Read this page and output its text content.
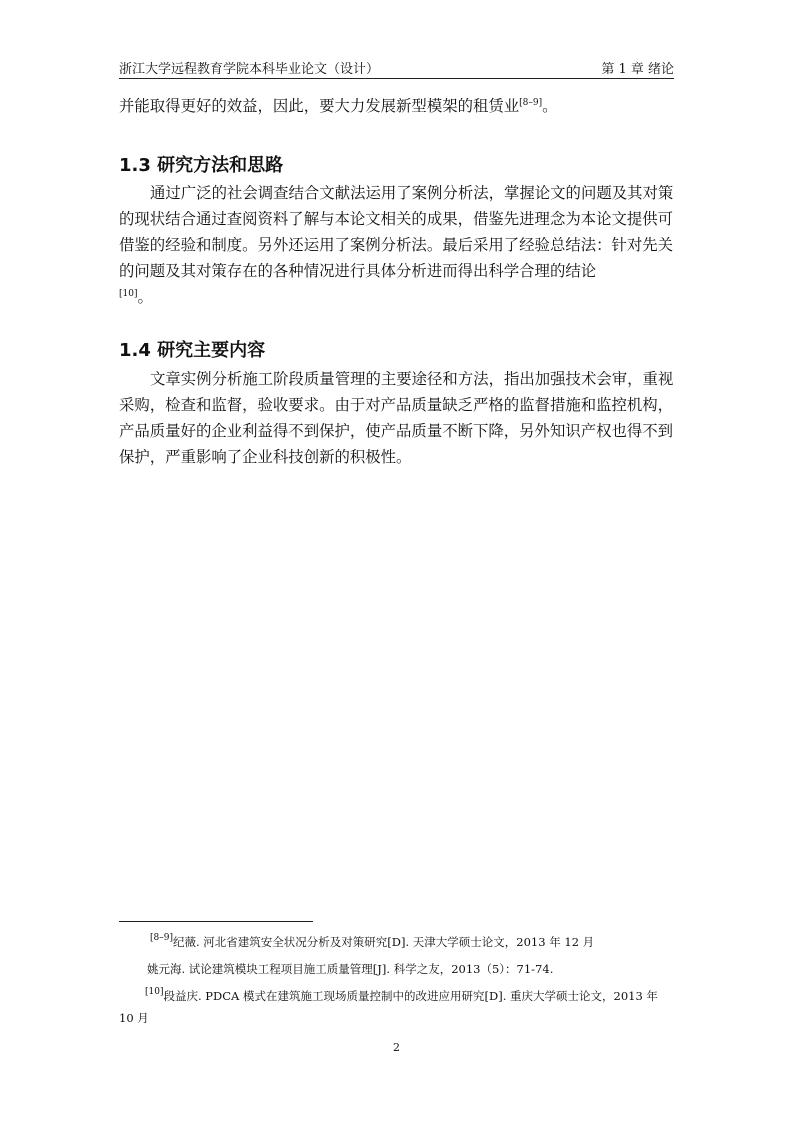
浙江大学远程教育学院本科毕业论文（设计）	第 1 章 绪论

并能取得更好的效益，因此，要大力发展新型模架的租赁业[8–9]。

1.3 研究方法和思路

通过广泛的社会调查结合文献法运用了案例分析法，掌握论文的问题及其对策的现状结合通过查阅资料了解与本论文相关的成果，借鉴先进理念为本论文提供可借鉴的经验和制度。另外还运用了案例分析法。最后采用了经验总结法：针对先关的问题及其对策存在的各种情况进行具体分析进而得出科学合理的结论
[10]。

1.4 研究主要内容

文章实例分析施工阶段质量管理的主要途径和方法，指出加强技术会审，重视采购，检查和监督，验收要求。由于对产品质量缺乏严格的监督措施和监控机构，产品质量好的企业利益得不到保护，使产品质量不断下降，另外知识产权也得不到保护，严重影响了企业科技创新的积极性。

[8–9]纪薇. 河北省建筑安全状况分析及对策研究[D]. 天津大学硕士论文，2013 年 12 月

姚元海. 试论建筑模块工程项目施工质量管理[J]. 科学之友，2013（5）：71-74.

[10]段益庆. PDCA 模式在建筑施工现场质量控制中的改进应用研究[D]. 重庆大学硕士论文，2013 年 10 月

2
